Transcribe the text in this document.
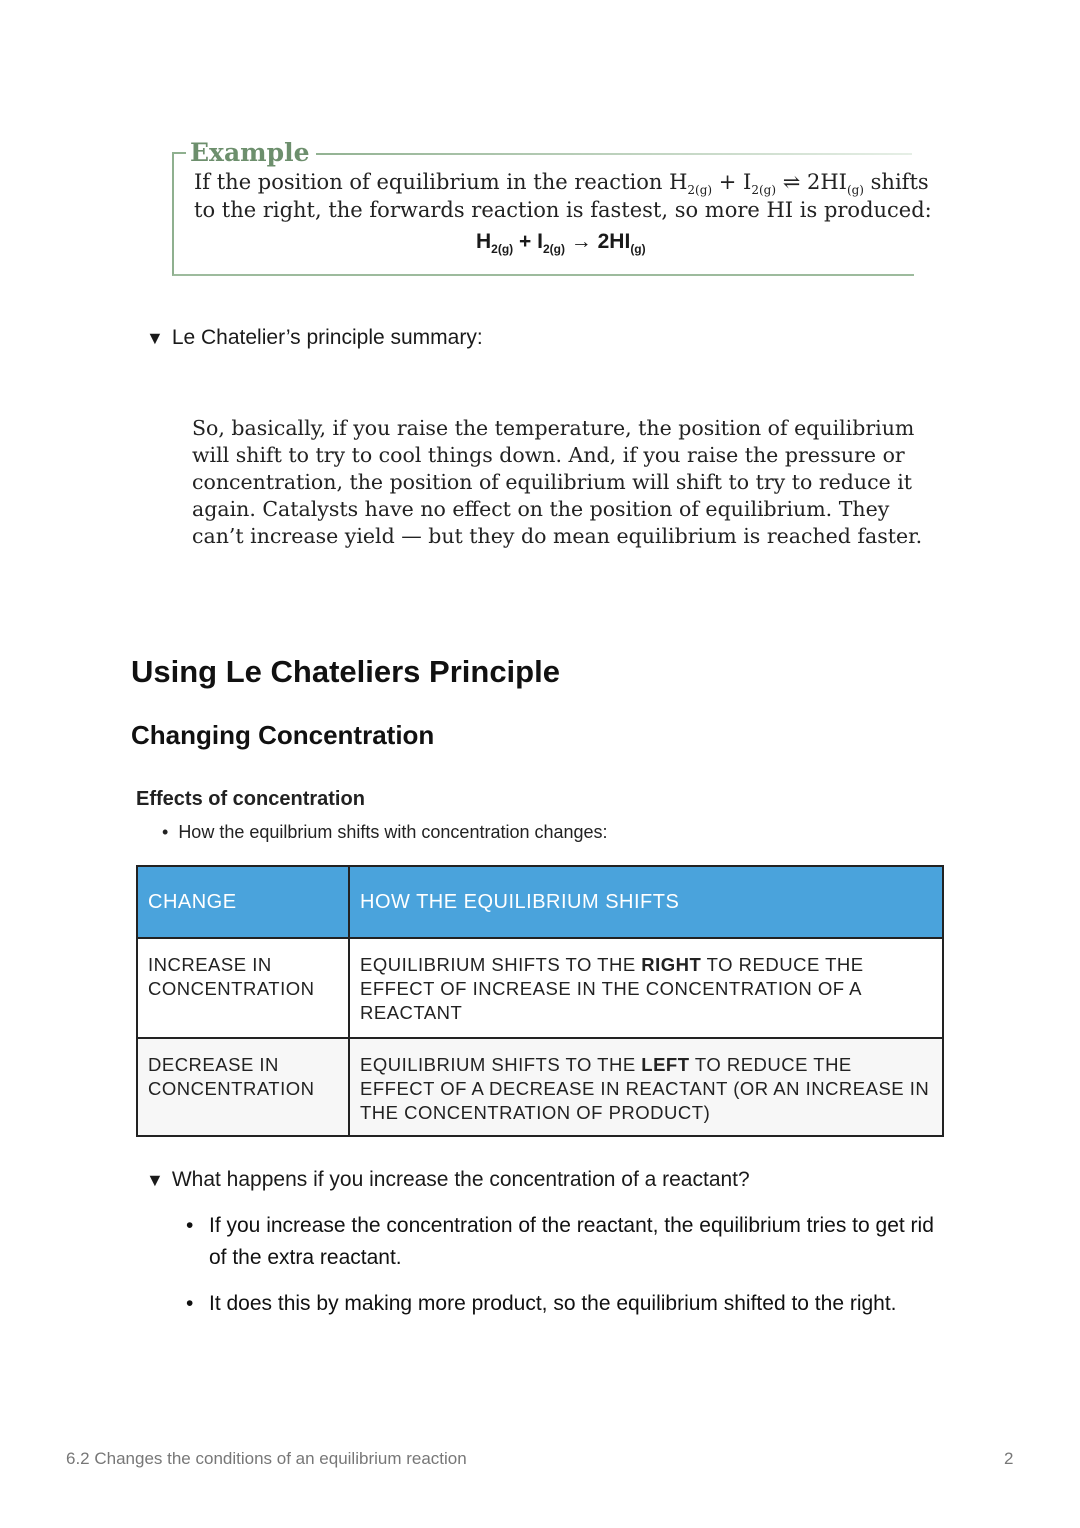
Example
If the position of equilibrium in the reaction $H_{2(g)} + I_{2(g)}$ ⇌ $2HI_{(g)}$ shifts
to the right, the forwards reaction is fastest, so more HI is produced:
$H_{2(g)} + I_{2(g)} \to 2HI_{(g)}$
▼ Le Chatelier’s principle summary:
So, basically, if you raise the temperature, the position of equilibrium will shift to try to cool things down. And, if you raise the pressure or concentration, the position of equilibrium will shift to try to reduce it again. Catalysts have no effect on the position of equilibrium. They can’t increase yield — but they do mean equilibrium is reached faster.
Using Le Chateliers Principle
Changing Concentration
Effects of concentration
•  How the equilbrium shifts with concentration changes:
CHANGE	HOW THE EQUILIBRIUM SHIFTS
INCREASE IN CONCENTRATION	EQUILIBRIUM SHIFTS TO THE RIGHT TO REDUCE THE EFFECT OF INCREASE IN THE CONCENTRATION OF A REACTANT
DECREASE IN CONCENTRATION	EQUILIBRIUM SHIFTS TO THE LEFT TO REDUCE THE EFFECT OF A DECREASE IN REACTANT (OR AN INCREASE IN THE CONCENTRATION OF PRODUCT)
▼ What happens if you increase the concentration of a reactant?
• If you increase the concentration of the reactant, the equilibrium tries to get rid of the extra reactant.
• It does this by making more product, so the equilibrium shifted to the right.
6.2 Changes the conditions of an equilibrium reaction	2
